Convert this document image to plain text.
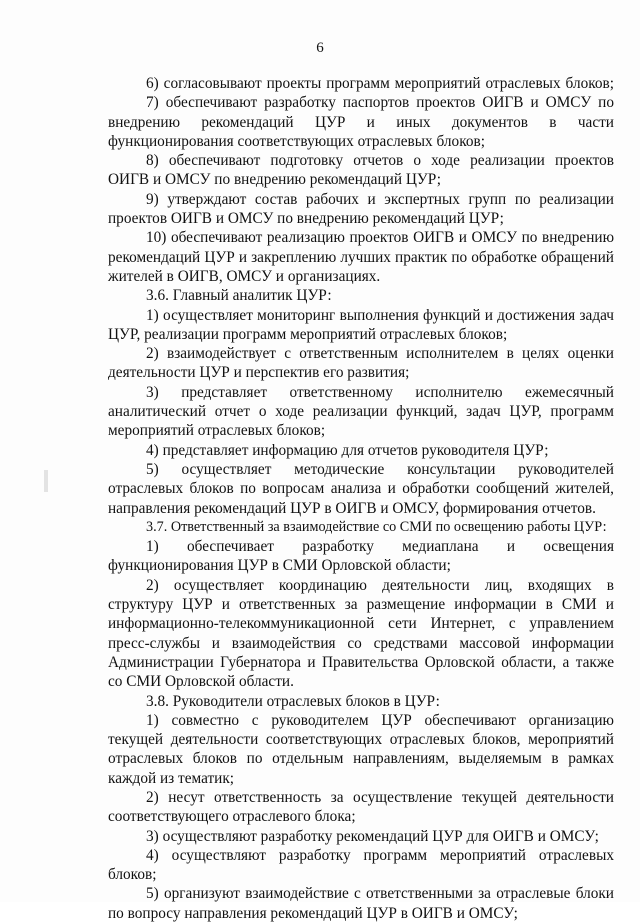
6

6) согласовывают проекты программ мероприятий отраслевых блоков;

7) обеспечивают разработку паспортов проектов ОИГВ и ОМСУ по внедрению рекомендаций ЦУР и иных документов в части функционирования соответствующих отраслевых блоков;

8) обеспечивают подготовку отчетов о ходе реализации проектов ОИГВ и ОМСУ по внедрению рекомендаций ЦУР;

9) утверждают состав рабочих и экспертных групп по реализации проектов ОИГВ и ОМСУ по внедрению рекомендаций ЦУР;

10) обеспечивают реализацию проектов ОИГВ и ОМСУ по внедрению рекомендаций ЦУР и закреплению лучших практик по обработке обращений жителей в ОИГВ, ОМСУ и организациях.

3.6. Главный аналитик ЦУР:

1) осуществляет мониторинг выполнения функций и достижения задач ЦУР, реализации программ мероприятий отраслевых блоков;

2) взаимодействует с ответственным исполнителем в целях оценки деятельности ЦУР и перспектив его развития;

3) представляет ответственному исполнителю ежемесячный аналитический отчет о ходе реализации функций, задач ЦУР, программ мероприятий отраслевых блоков;

4) представляет информацию для отчетов руководителя ЦУР;

5) осуществляет методические консультации руководителей отраслевых блоков по вопросам анализа и обработки сообщений жителей, направления рекомендаций ЦУР в ОИГВ и ОМСУ, формирования отчетов.

3.7. Ответственный за взаимодействие со СМИ по освещению работы ЦУР:

1) обеспечивает разработку медиаплана и освещения функционирования ЦУР в СМИ Орловской области;

2) осуществляет координацию деятельности лиц, входящих в структуру ЦУР и ответственных за размещение информации в СМИ и информационно-телекоммуникационной сети Интернет, с управлением пресс-службы и взаимодействия со средствами массовой информации Администрации Губернатора и Правительства Орловской области, а также со СМИ Орловской области.

3.8. Руководители отраслевых блоков в ЦУР:

1) совместно с руководителем ЦУР обеспечивают организацию текущей деятельности соответствующих отраслевых блоков, мероприятий отраслевых блоков по отдельным направлениям, выделяемым в рамках каждой из тематик;

2) несут ответственность за осуществление текущей деятельности соответствующего отраслевого блока;

3) осуществляют разработку рекомендаций ЦУР для ОИГВ и ОМСУ;

4) осуществляют разработку программ мероприятий отраслевых блоков;

5) организуют взаимодействие с ответственными за отраслевые блоки по вопросу направления рекомендаций ЦУР в ОИГВ и ОМСУ;
